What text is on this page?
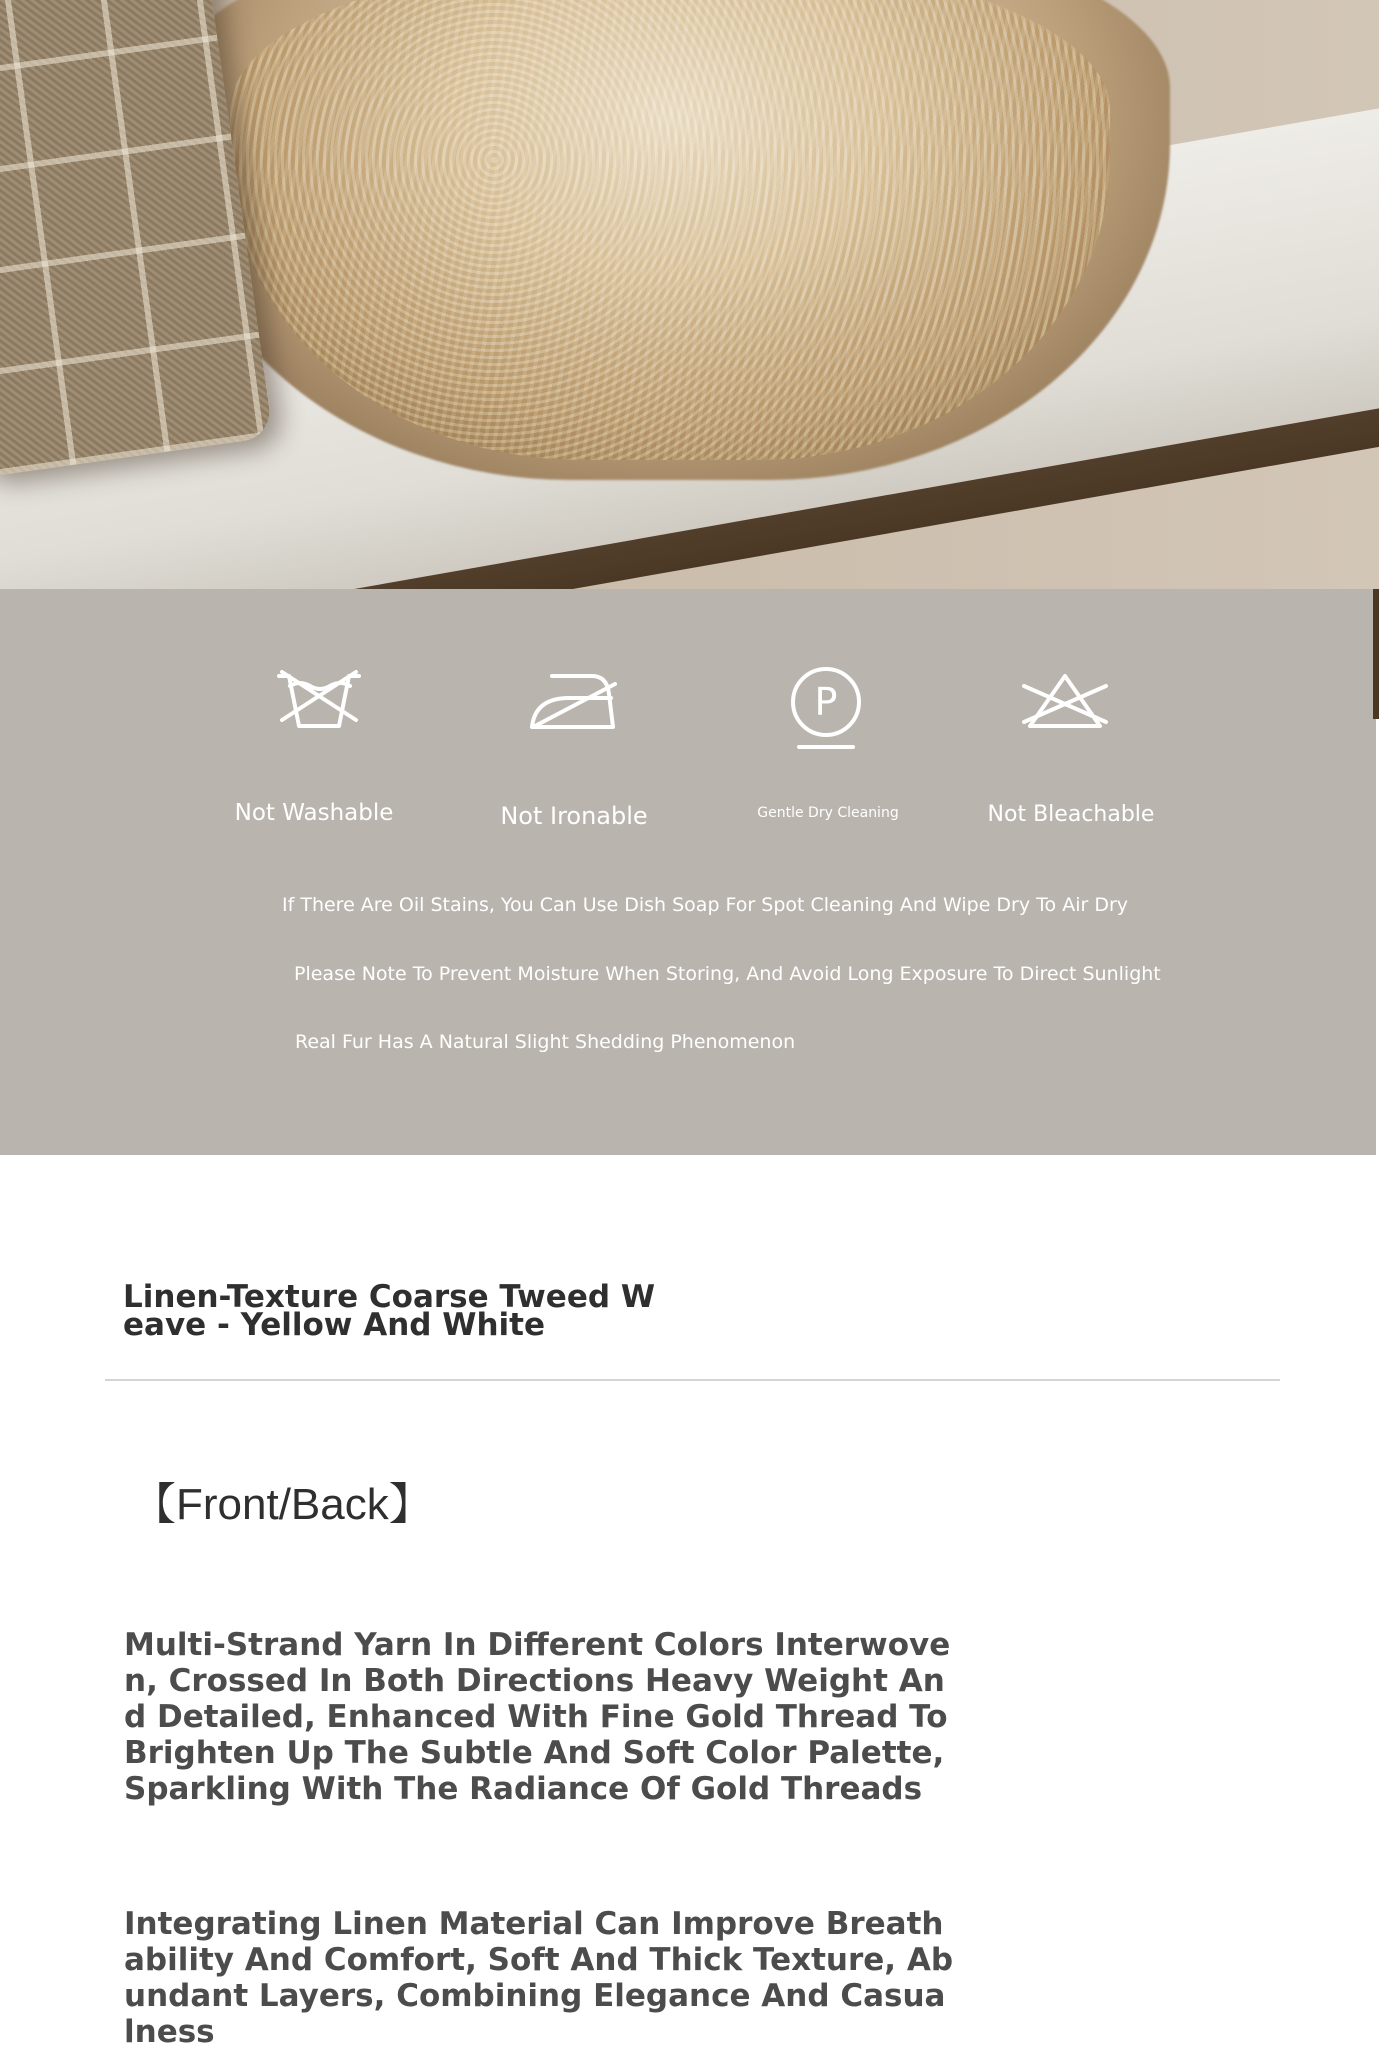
Not Washable	Not Ironable
P
Gentle Dry Cleaning	Not Bleachable
If There Are Oil Stains, You Can Use Dish Soap For Spot Cleaning And Wipe Dry To Air Dry
Please Note To Prevent Moisture When Storing, And Avoid Long Exposure To Direct Sunlight
Real Fur Has A Natural Slight Shedding Phenomenon
Linen-Texture Coarse Tweed Weave - Yellow And White
【Front/Back】

Multi-Strand Yarn In Different Colors Interwoven, Crossed In Both Directions Heavy Weight And Detailed, Enhanced With Fine Gold Thread To Brighten Up The Subtle And Soft Color Palette, Sparkling With The Radiance Of Gold Threads

Integrating Linen Material Can Improve Breathability And Comfort, Soft And Thick Texture, Abundant Layers, Combining Elegance And Casualness
